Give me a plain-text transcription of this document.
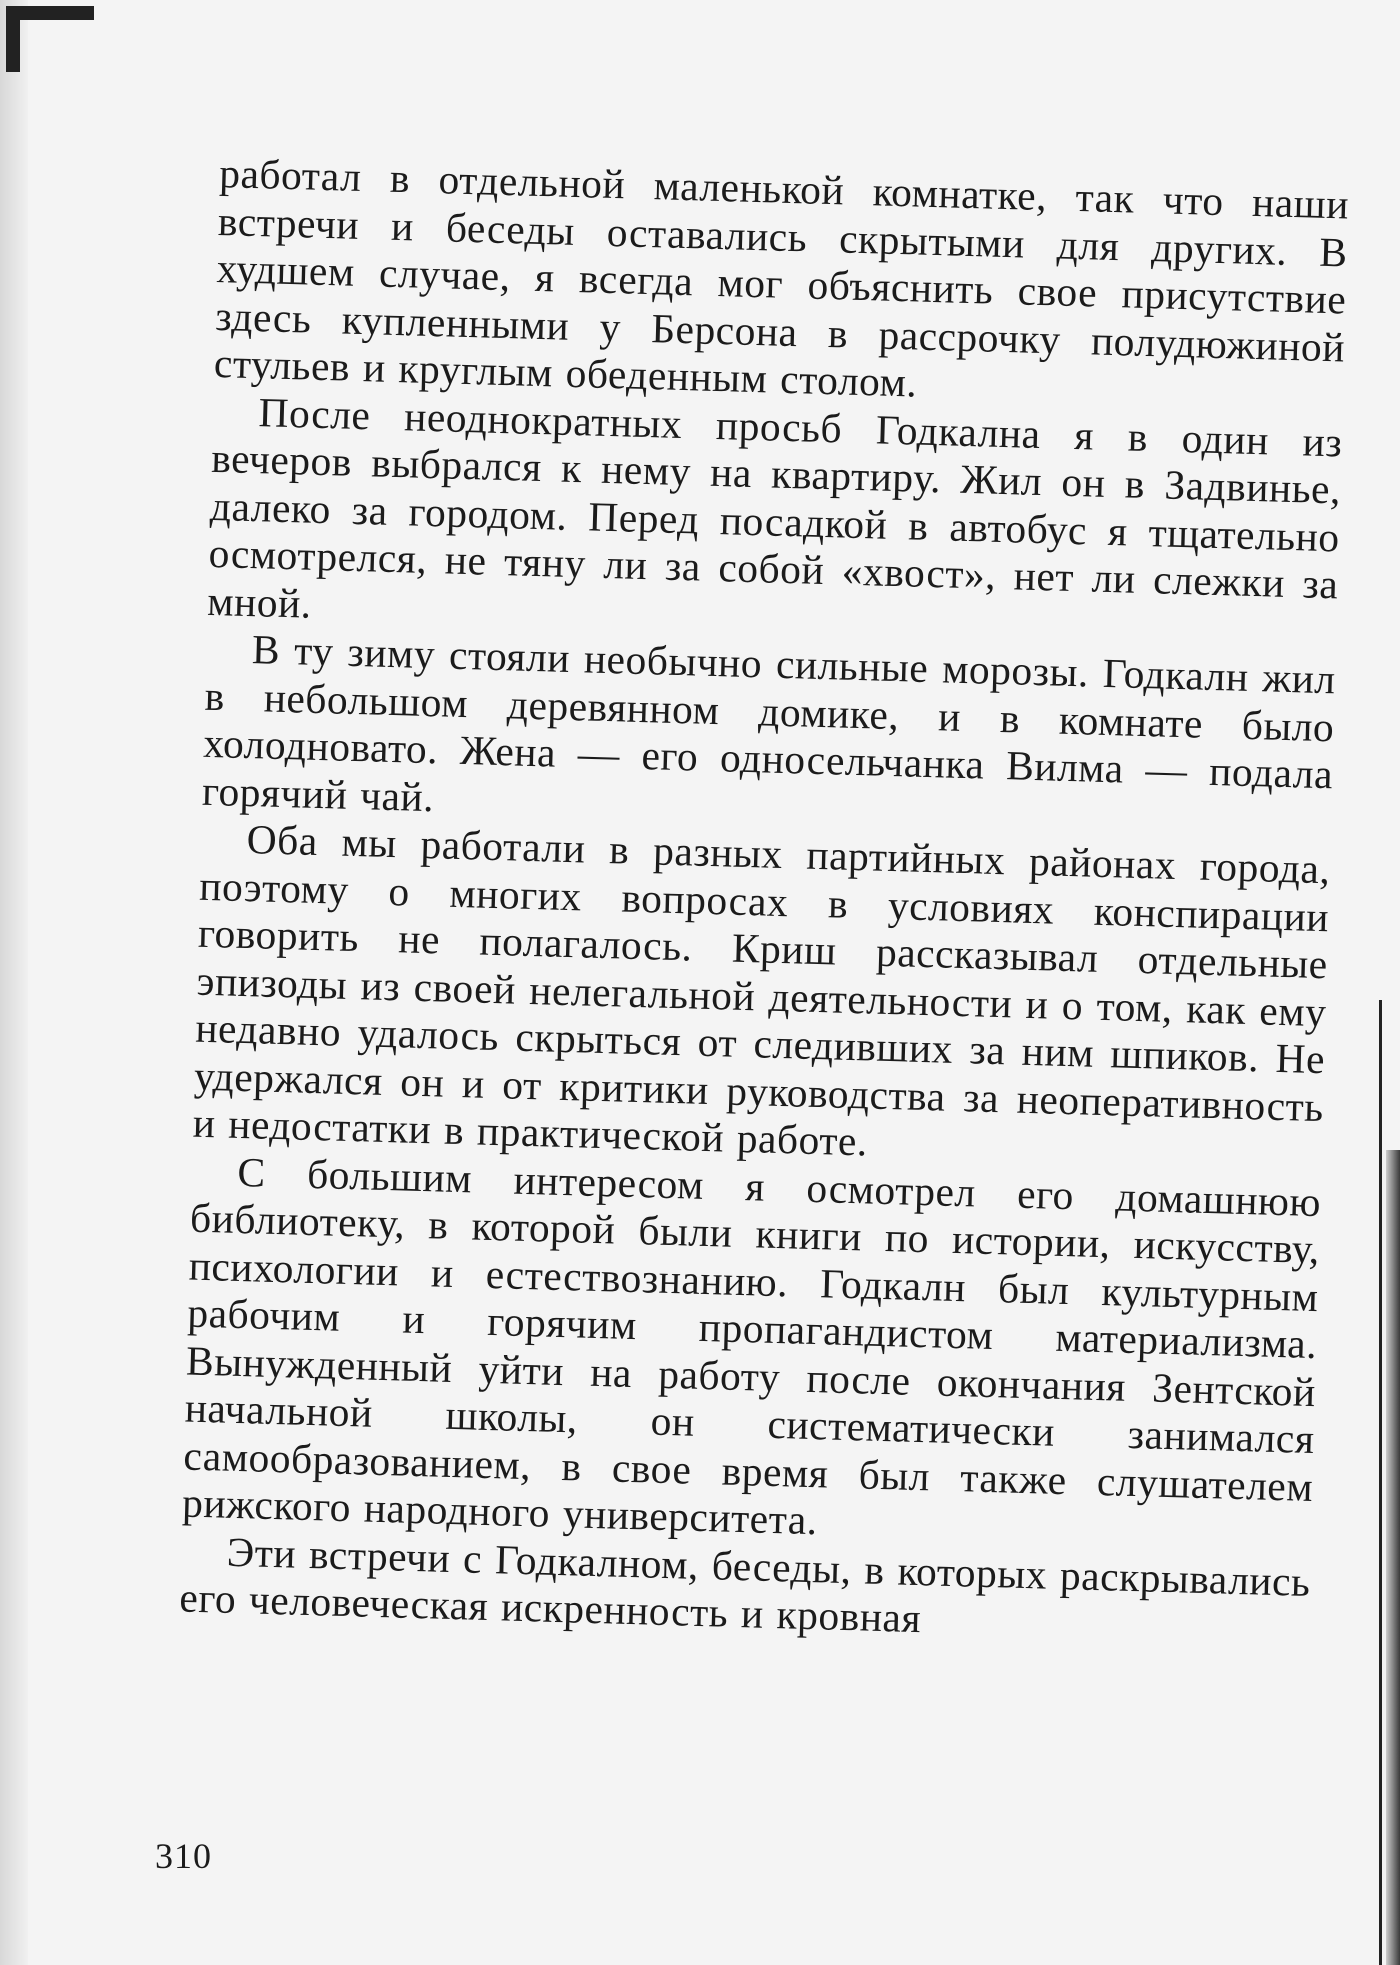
работал в отдельной маленькой комнатке, так что наши встречи и беседы оставались скрытыми для других. В худшем случае, я всегда мог объяснить свое присутствие здесь купленными у Берсона в рассрочку полудюжиной стульев и круглым обеденным столом.

После неоднократных просьб Годкална я в один из вечеров выбрался к нему на квартиру. Жил он в Задвинье, далеко за городом. Перед посадкой в автобус я тщательно осмотрелся, не тяну ли за собой «хвост», нет ли слежки за мной.

В ту зиму стояли необычно сильные морозы. Годкалн жил в небольшом деревянном домике, и в комнате было холодновато. Жена — его односельчанка Вилма — подала горячий чай.

Оба мы работали в разных партийных районах города, поэтому о многих вопросах в условиях конспирации говорить не полагалось. Криш рассказывал отдельные эпизоды из своей нелегальной деятельности и о том, как ему недавно удалось скрыться от следивших за ним шпиков. Не удержался он и от критики руководства за неоперативность и недостатки в практической работе.

С большим интересом я осмотрел его домашнюю библиотеку, в которой были книги по истории, искусству, психологии и естествознанию. Годкалн был культурным рабочим и горячим пропагандистом материализма. Вынужденный уйти на работу после окончания Зентской начальной школы, он систематически занимался самообразованием, в свое время был также слушателем рижского народного университета.

Эти встречи с Годкалном, беседы, в которых раскрывались его человеческая искренность и кровная

310
